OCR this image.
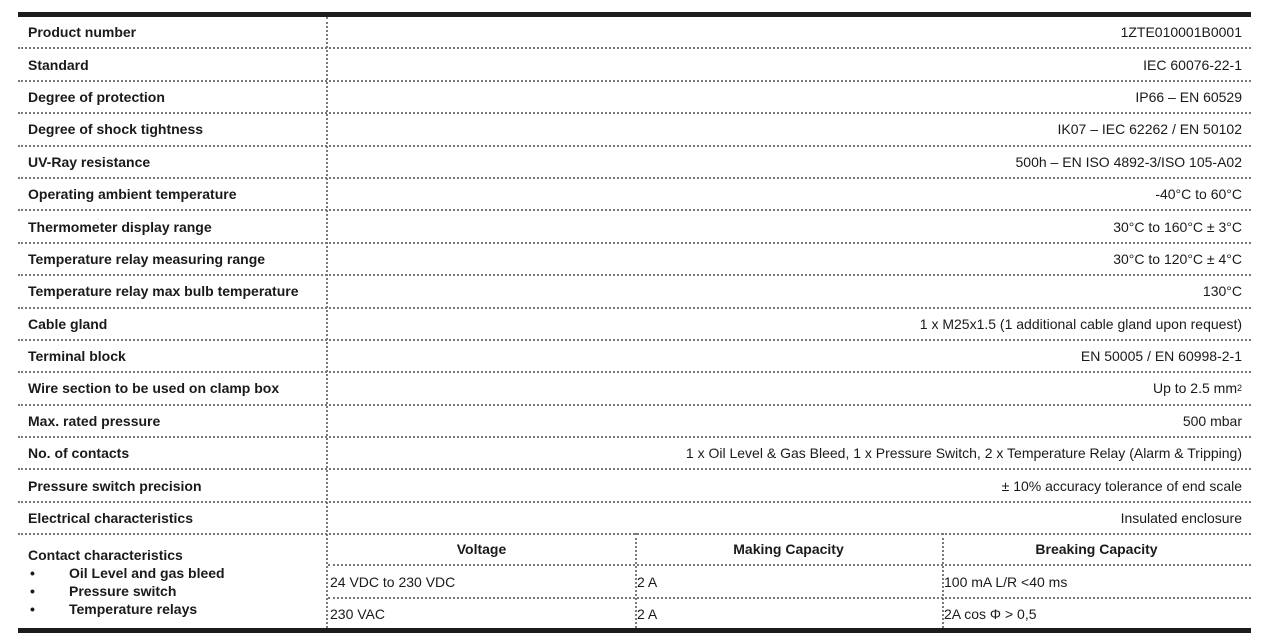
Product number	1ZTE010001B0001
Standard	IEC 60076-22-1
Degree of protection	IP66 – EN 60529
Degree of shock tightness	IK07 – IEC 62262 / EN 50102
UV-Ray resistance	500h – EN ISO 4892-3/ISO 105-A02
Operating ambient temperature	-40°C to 60°C
Thermometer display range	30°C to 160°C ± 3°C
Temperature relay measuring range	30°C to 120°C ± 4°C
Temperature relay max bulb temperature	130°C
Cable gland	1 x M25x1.5 (1 additional cable gland upon request)
Terminal block	EN 50005 / EN 60998-2-1
Wire section to be used on clamp box	Up to 2.5 mm 2
Max. rated pressure	500 mbar
No. of contacts	1 x Oil Level & Gas Bleed, 1 x Pressure Switch, 2 x Temperature Relay (Alarm & Tripping)
Pressure switch precision	± 10% accuracy tolerance of end scale
Electrical characteristics	Insulated enclosure
Contact characteristics
• Oil Level and gas bleed
• Pressure switch
• Temperature relays
Voltage	Making Capacity	Breaking Capacity
24 VDC to 230 VDC	2 A	100 mA L/R <40 ms
230 VAC	2 A	2A cos Φ > 0,5
